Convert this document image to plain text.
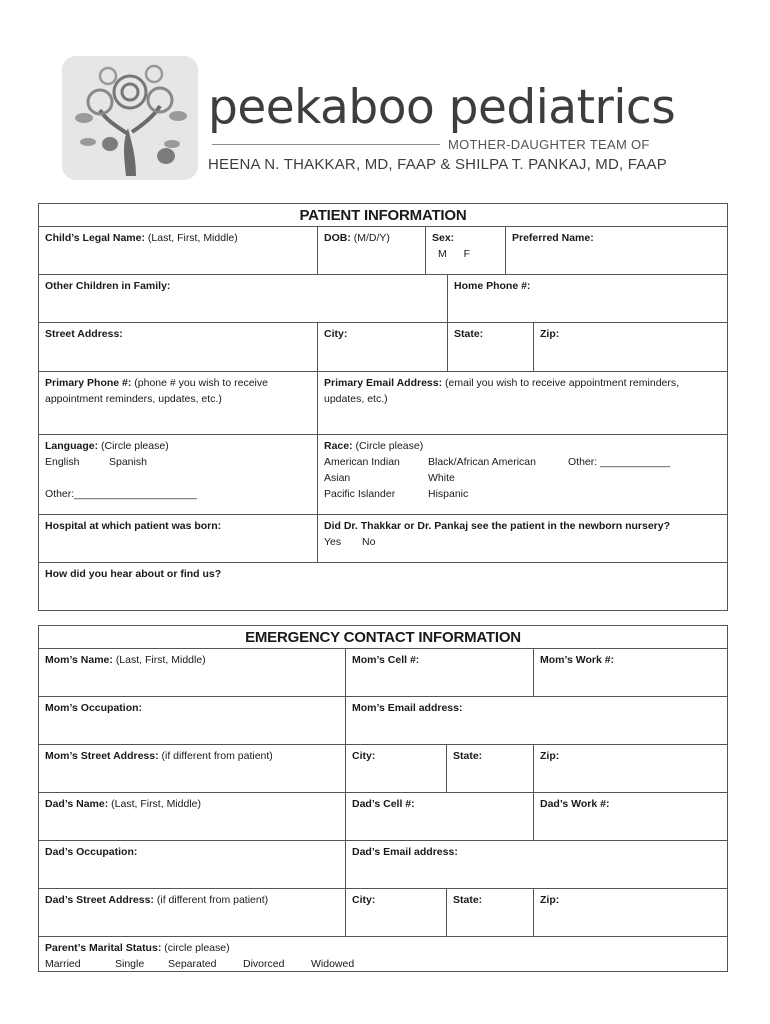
peekaboo pediatrics
MOTHER-DAUGHTER TEAM OF
HEENA N. THAKKAR, MD, FAAP & SHILPA T. PANKAJ, MD, FAAP
PATIENT INFORMATION
Child’s Legal Name: (Last, First, Middle)	DOB: (M/D/Y)	Sex:
M F
Preferred Name:
Other Children in Family:	Home Phone #:
Street Address:	City:	State:	Zip:
Primary Phone #: (phone # you wish to receive appointment reminders, updates, etc.)
Primary Email Address: (email you wish to receive appointment reminders, updates, etc.)
Language: (Circle please)
English	Spanish
Other:_____________________
Race: (Circle please)
American Indian	Black/African American	Other: ____________
Asian	White
Pacific Islander	Hispanic
Hospital at which patient was born:	Did Dr. Thakkar or Dr. Pankaj see the patient in the newborn nursery?
Yes	No
How did you hear about or find us?
EMERGENCY CONTACT INFORMATION
Mom’s Name: (Last, First, Middle)	Mom’s Cell #:	Mom’s Work #:
Mom’s Occupation:	Mom’s Email address:
Mom’s Street Address: (if different from patient)	City:	State:	Zip:
Dad’s Name: (Last, First, Middle)	Dad’s Cell #:	Dad’s Work #:
Dad’s Occupation:	Dad’s Email address:
Dad’s Street Address: (if different from patient)	City:	State:	Zip:
Parent’s Marital Status: (circle please)
Married	Single	Separated	Divorced	Widowed
